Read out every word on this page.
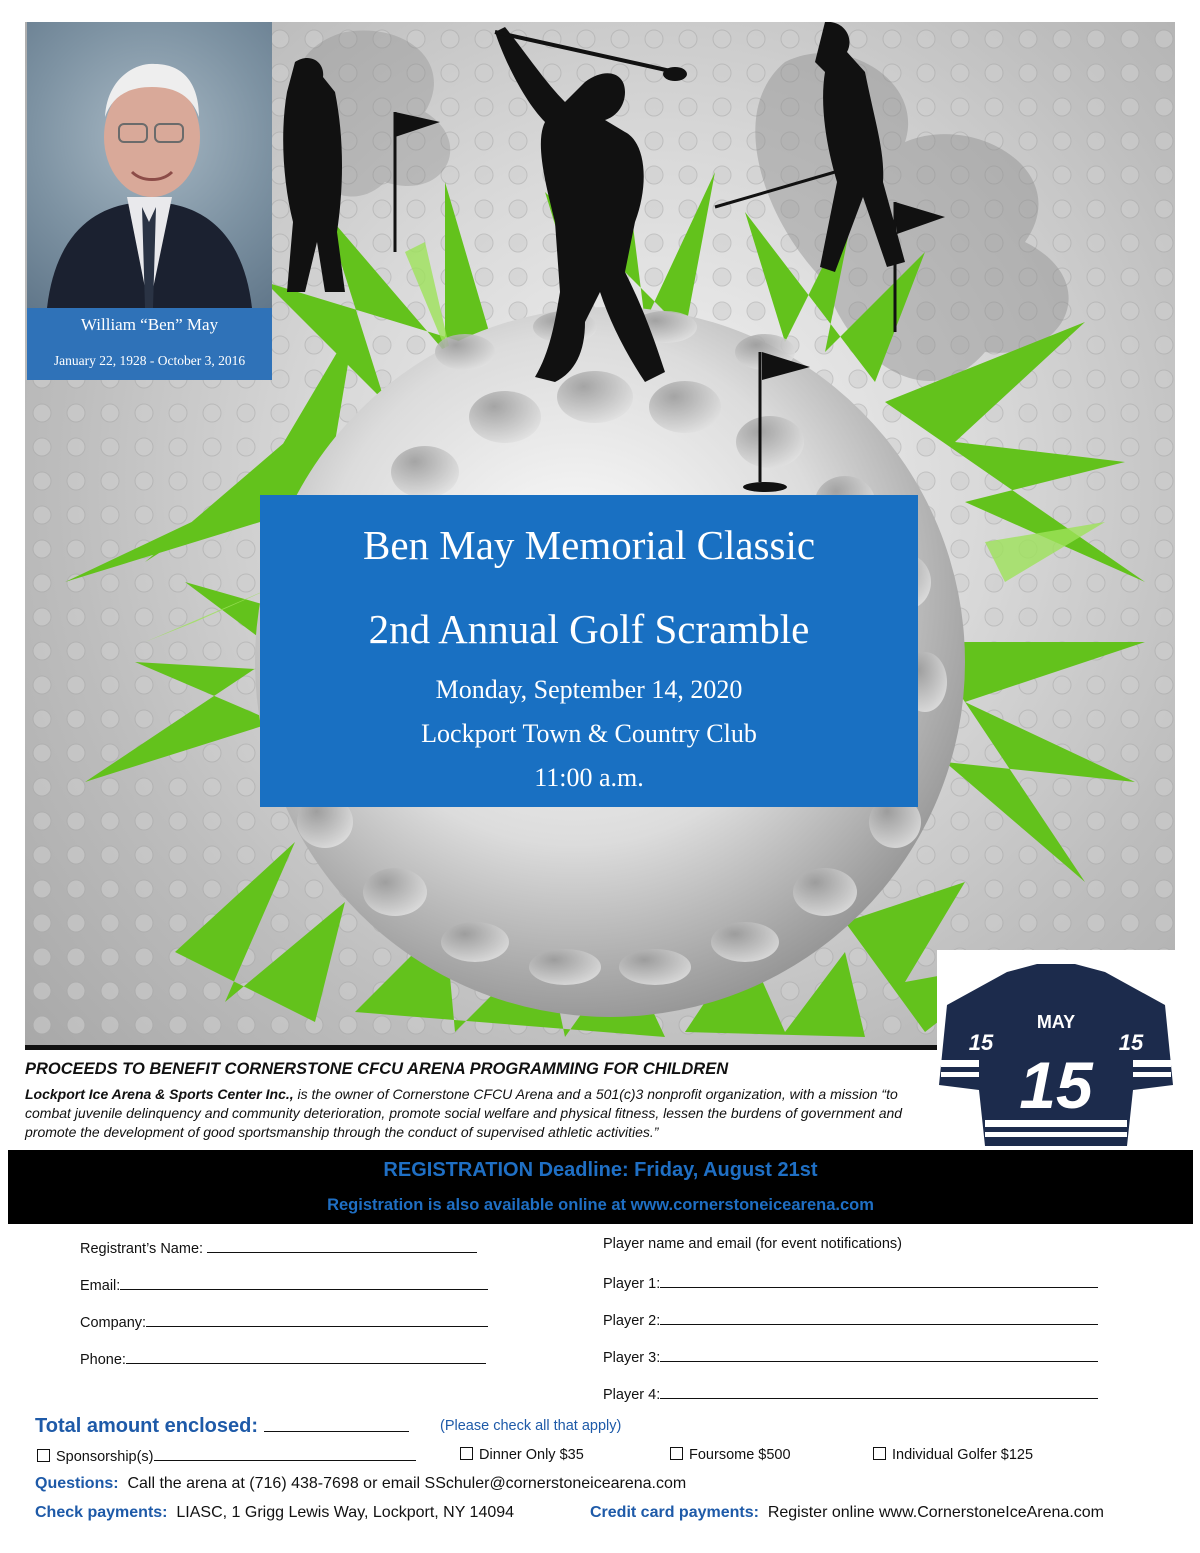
William “Ben” May
January 22, 1928 - October 3, 2016
Ben May Memorial Classic
2nd Annual Golf Scramble
Monday, September 14, 2020
Lockport Town & Country Club
11:00 a.m.
MAY
15
15	15
PROCEEDS TO BENEFIT CORNERSTONE CFCU ARENA PROGRAMMING FOR CHILDREN
Lockport Ice Arena & Sports Center Inc., is the owner of Cornerstone CFCU Arena and a 501(c)3 nonprofit organization, with a mission “to combat juvenile delinquency and community deterioration, promote social welfare and physical fitness, lessen the burdens of government and promote the development of good sportsmanship through the conduct of supervised athletic activities.”
REGISTRATION Deadline: Friday, August 21st
Registration is also available online at www.cornerstoneicearena.com
Registrant’s Name:
Email:
Company:
Phone:
Player name and email (for event notifications)
Player 1:
Player 2:
Player 3:
Player 4:
Total amount enclosed:	(Please check all that apply)
Sponsorship(s)	Dinner Only $35	Foursome $500	Individual Golfer $125
Questions: Call the arena at (716) 438-7698 or email SSchuler@cornerstoneicearena.com
Check payments: LIASC, 1 Grigg Lewis Way, Lockport, NY 14094	Credit card payments: Register online www.CornerstoneIceArena.com
